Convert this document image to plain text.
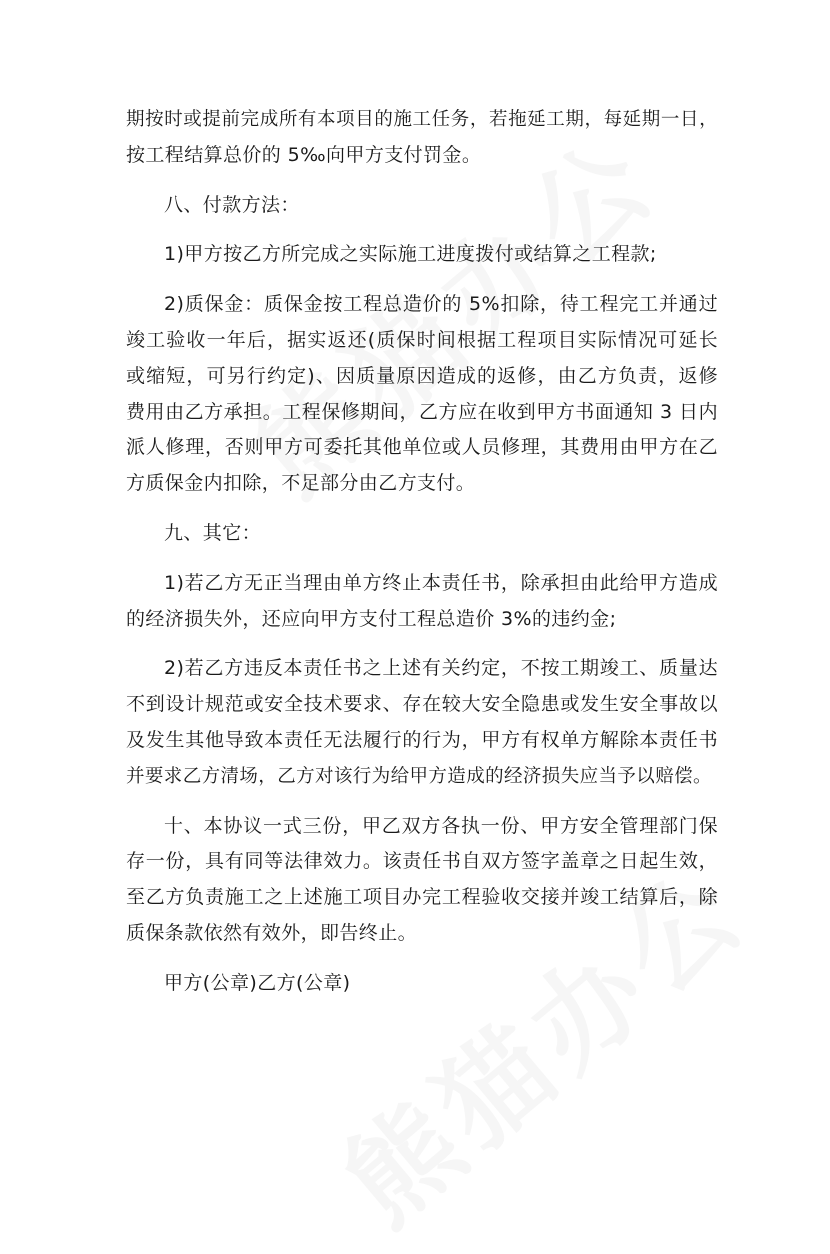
期按时或提前完成所有本项目的施工任务，若拖延工期，每延期一日，
按工程结算总价的 5‰向甲方支付罚金。

八、付款方法：

1)甲方按乙方所完成之实际施工进度拨付或结算之工程款;

2)质保金：质保金按工程总造价的 5%扣除，待工程完工并通过
竣工验收一年后，据实返还(质保时间根据工程项目实际情况可延长
或缩短，可另行约定)、因质量原因造成的返修，由乙方负责，返修
费用由乙方承担。工程保修期间，乙方应在收到甲方书面通知 3 日内
派人修理，否则甲方可委托其他单位或人员修理，其费用由甲方在乙
方质保金内扣除，不足部分由乙方支付。

九、其它：

1)若乙方无正当理由单方终止本责任书，除承担由此给甲方造成
的经济损失外，还应向甲方支付工程总造价 3%的违约金;

2)若乙方违反本责任书之上述有关约定，不按工期竣工、质量达
不到设计规范或安全技术要求、存在较大安全隐患或发生安全事故以
及发生其他导致本责任无法履行的行为，甲方有权单方解除本责任书
并要求乙方清场，乙方对该行为给甲方造成的经济损失应当予以赔偿。

十、本协议一式三份，甲乙双方各执一份、甲方安全管理部门保
存一份，具有同等法律效力。该责任书自双方签字盖章之日起生效，
至乙方负责施工之上述施工项目办完工程验收交接并竣工结算后，除
质保条款依然有效外，即告终止。

甲方(公章)乙方(公章)
